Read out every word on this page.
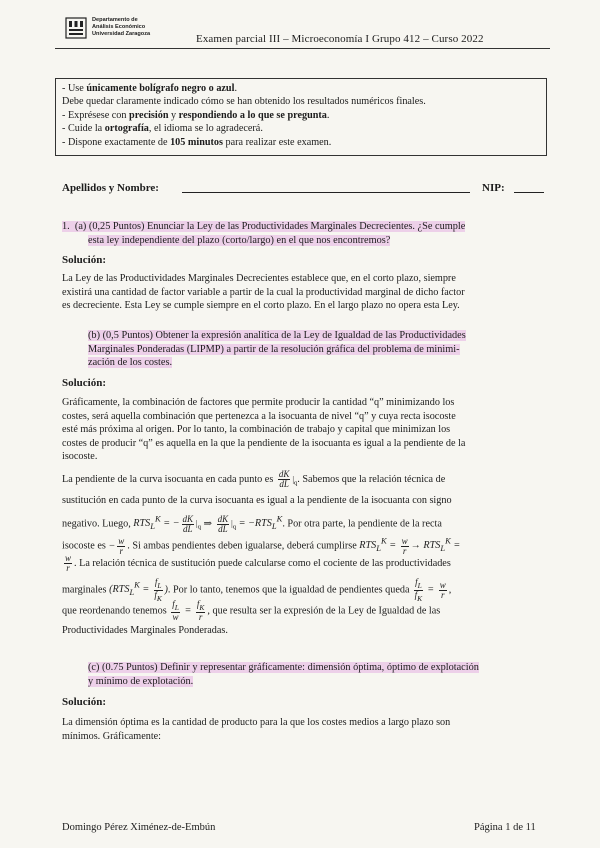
Departamento de
Análisis Económico
Universidad Zaragoza	Examen parcial III – Microeconomía I Grupo 412 – Curso 2022
- Use únicamente bolígrafo negro o azul.
Debe quedar claramente indicado cómo se han obtenido los resultados numéricos finales.
- Exprésese con precisión y respondiendo a lo que se pregunta.
- Cuide la ortografía, el idioma se lo agradecerá.
- Dispone exactamente de 105 minutos para realizar este examen.
Apellidos y Nombre:	NIP:
1. (a) (0,25 Puntos) Enunciar la Ley de las Productividades Marginales Decrecientes. ¿Se cumple
esta ley independiente del plazo (corto/largo) en el que nos encontremos?
Solución:
La Ley de las Productividades Marginales Decrecientes establece que, en el corto plazo, siempre
existirá una cantidad de factor variable a partir de la cual la productividad marginal de dicho factor
es decreciente. Esta Ley se cumple siempre en el corto plazo. En el largo plazo no opera esta Ley.
(b) (0,5 Puntos) Obtener la expresión analítica de la Ley de Igualdad de las Productividades
Marginales Ponderadas (LIPMP) a partir de la resolución gráfica del problema de minimi-
zación de los costes.
Solución:
Gráficamente, la combinación de factores que permite producir la cantidad “q” minimizando los
costes, será aquella combinación que pertenezca a la isocuanta de nivel “q” y cuya recta isocoste
esté más próxima al origen. Por lo tanto, la combinación de trabajo y capital que minimizan los
costes de producir “q” es aquella en la que la pendiente de la isocuanta es igual a la pendiente de la
isocoste.
La pendiente de la curva isocuanta en cada punto es $\frac{dK}{dL} |_q$. Sabemos que la relación técnica de
sustitución en cada punto de la curva isocuanta es igual a la pendiente de la isocuanta con signo
negativo. Luego, $RTS_L^K$ = − $\frac{dK}{dL} |_q$ ⇒ $\frac{dK}{dL} |_q = -RTS_L^K$. Por otra parte, la pendiente de la recta
isocoste es − $\frac{w}{r}$ . Si ambas pendientes deben igualarse, deberá cumplirse $RTS_L^K = \frac{w}{r} \to RTS_L^K$ =
$\frac{w}{r}$ . La relación técnica de sustitución puede calcularse como el cociente de las productividades
marginales ($RTS_L^K = \frac{f_L}{f_K}$ ). Por lo tanto, tenemos que la igualdad de pendientes queda $\frac{f_L}{f_K} = \frac{w}{r}$ ,
que reordenando tenemos $\frac{f_L}{w} = \frac{f_K}{r}$ , que resulta ser la expresión de la Ley de Igualdad de las
Productividades Marginales Ponderadas.
(c) (0.75 Puntos) Definir y representar gráficamente: dimensión óptima, óptimo de explotación
y mínimo de explotación.
Solución:
La dimensión óptima es la cantidad de producto para la que los costes medios a largo plazo son
mínimos. Gráficamente:
Domingo Pérez Ximénez-de-Embún	Página 1 de 11
